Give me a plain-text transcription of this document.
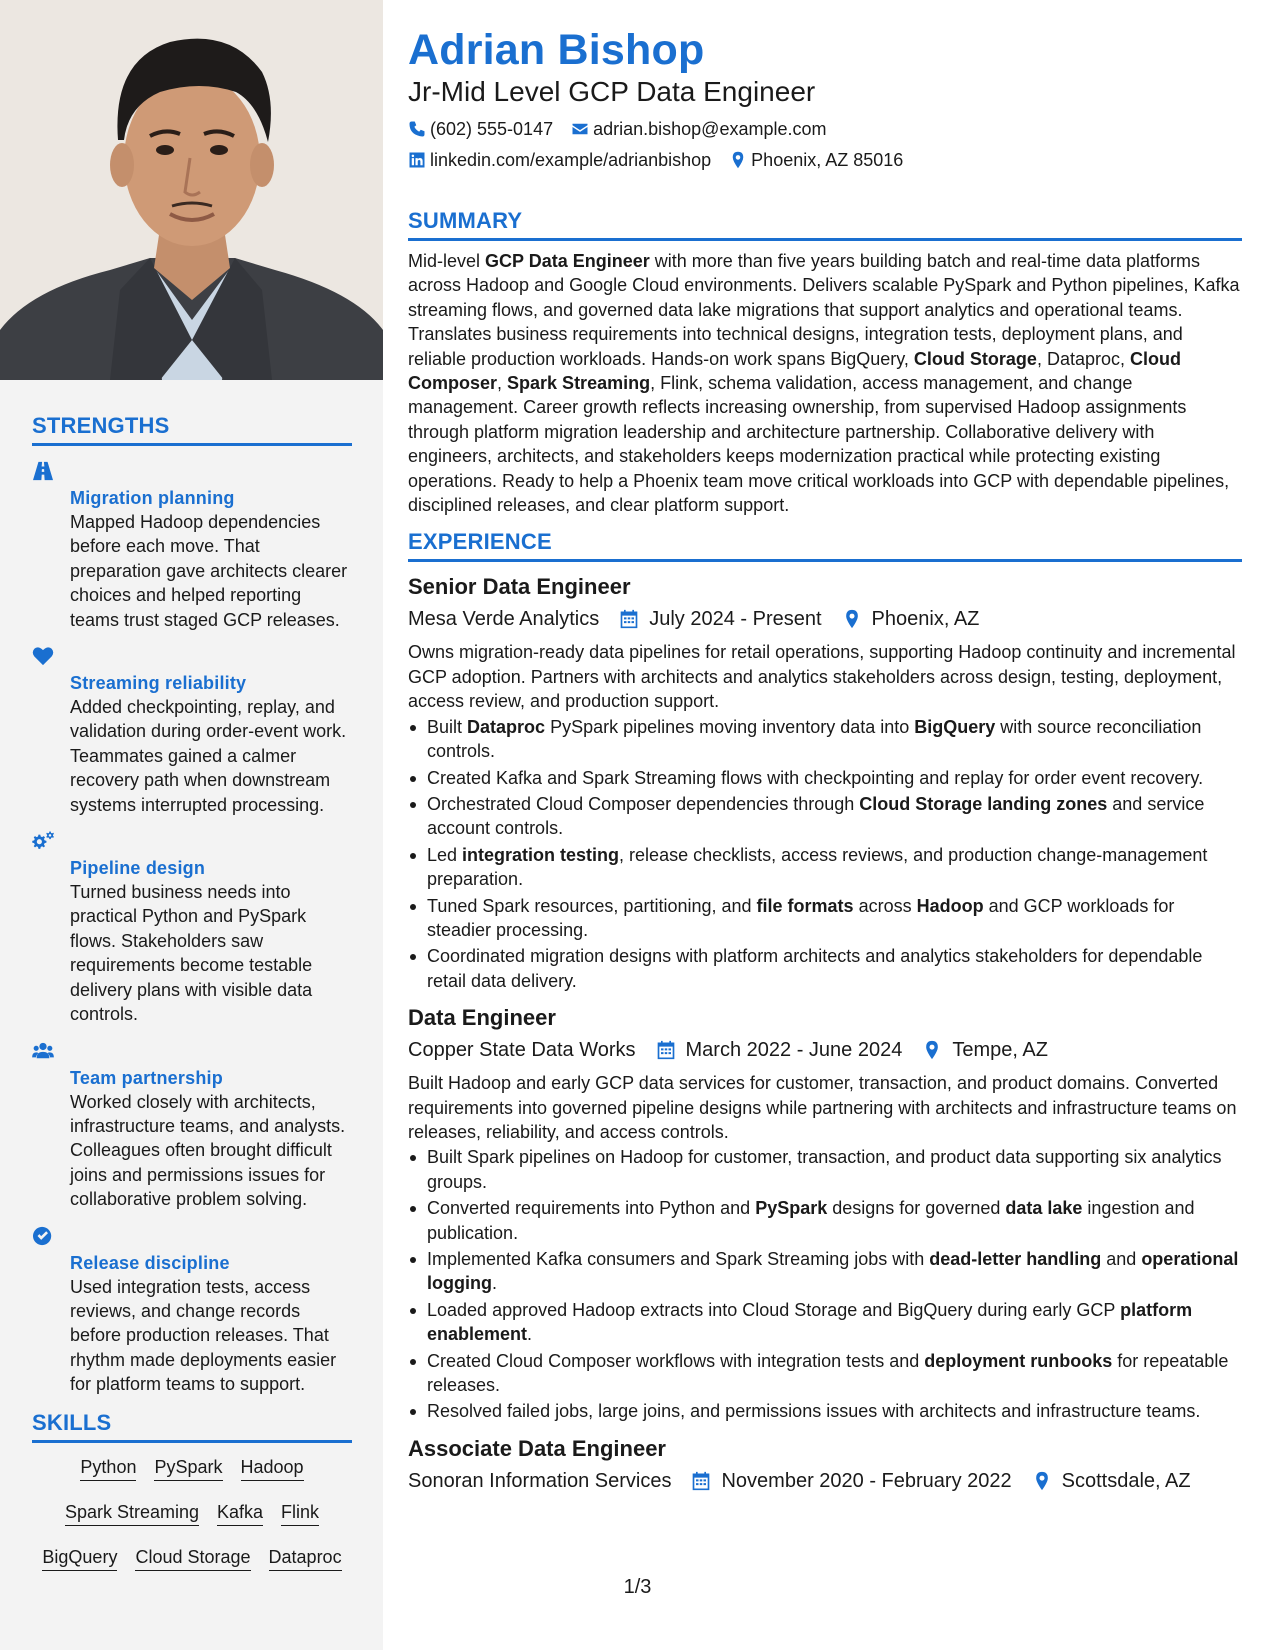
STRENGTHS
Migration planning
Mapped Hadoop dependencies before each move. That preparation gave architects clearer choices and helped reporting teams trust staged GCP releases.
Streaming reliability
Added checkpointing, replay, and validation during order-event work. Teammates gained a calmer recovery path when downstream systems interrupted processing.
Pipeline design
Turned business needs into practical Python and PySpark flows. Stakeholders saw requirements become testable delivery plans with visible data controls.
Team partnership
Worked closely with architects, infrastructure teams, and analysts. Colleagues often brought difficult joins and permissions issues for collaborative problem solving.
Release discipline
Used integration tests, access reviews, and change records before production releases. That rhythm made deployments easier for platform teams to support.
SKILLS
Python PySpark Hadoop
Spark Streaming Kafka Flink
BigQuery Cloud Storage Dataproc
Adrian Bishop
Jr-Mid Level GCP Data Engineer
(602) 555-0147 adrian.bishop@example.com
linkedin.com/example/adrianbishop Phoenix, AZ 85016
SUMMARY
Mid-level GCP Data Engineer with more than five years building batch and real-time data platforms across Hadoop and Google Cloud environments. Delivers scalable PySpark and Python pipelines, Kafka streaming flows, and governed data lake migrations that support analytics and operational teams. Translates business requirements into technical designs, integration tests, deployment plans, and reliable production workloads. Hands-on work spans BigQuery, Cloud Storage, Dataproc, Cloud Composer, Spark Streaming, Flink, schema validation, access management, and change management. Career growth reflects increasing ownership, from supervised Hadoop assignments through platform migration leadership and architecture partnership. Collaborative delivery with engineers, architects, and stakeholders keeps modernization practical while protecting existing operations. Ready to help a Phoenix team move critical workloads into GCP with dependable pipelines, disciplined releases, and clear platform support.
EXPERIENCE
Senior Data Engineer
Mesa Verde Analytics	July 2024 - Present	Phoenix, AZ
Owns migration-ready data pipelines for retail operations, supporting Hadoop continuity and incremental GCP adoption. Partners with architects and analytics stakeholders across design, testing, deployment, access review, and production support.
Built Dataproc PySpark pipelines moving inventory data into BigQuery with source reconciliation controls.
Created Kafka and Spark Streaming flows with checkpointing and replay for order event recovery.
Orchestrated Cloud Composer dependencies through Cloud Storage landing zones and service account controls.
Led integration testing, release checklists, access reviews, and production change-management preparation.
Tuned Spark resources, partitioning, and file formats across Hadoop and GCP workloads for steadier processing.
Coordinated migration designs with platform architects and analytics stakeholders for dependable retail data delivery.
Data Engineer
Copper State Data Works	March 2022 - June 2024	Tempe, AZ
Built Hadoop and early GCP data services for customer, transaction, and product domains. Converted requirements into governed pipeline designs while partnering with architects and infrastructure teams on releases, reliability, and access controls.
Built Spark pipelines on Hadoop for customer, transaction, and product data supporting six analytics groups.
Converted requirements into Python and PySpark designs for governed data lake ingestion and publication.
Implemented Kafka consumers and Spark Streaming jobs with dead-letter handling and operational logging.
Loaded approved Hadoop extracts into Cloud Storage and BigQuery during early GCP platform enablement.
Created Cloud Composer workflows with integration tests and deployment runbooks for repeatable releases.
Resolved failed jobs, large joins, and permissions issues with architects and infrastructure teams.
Associate Data Engineer
Sonoran Information Services	November 2020 - February 2022	Scottsdale, AZ
1/3
